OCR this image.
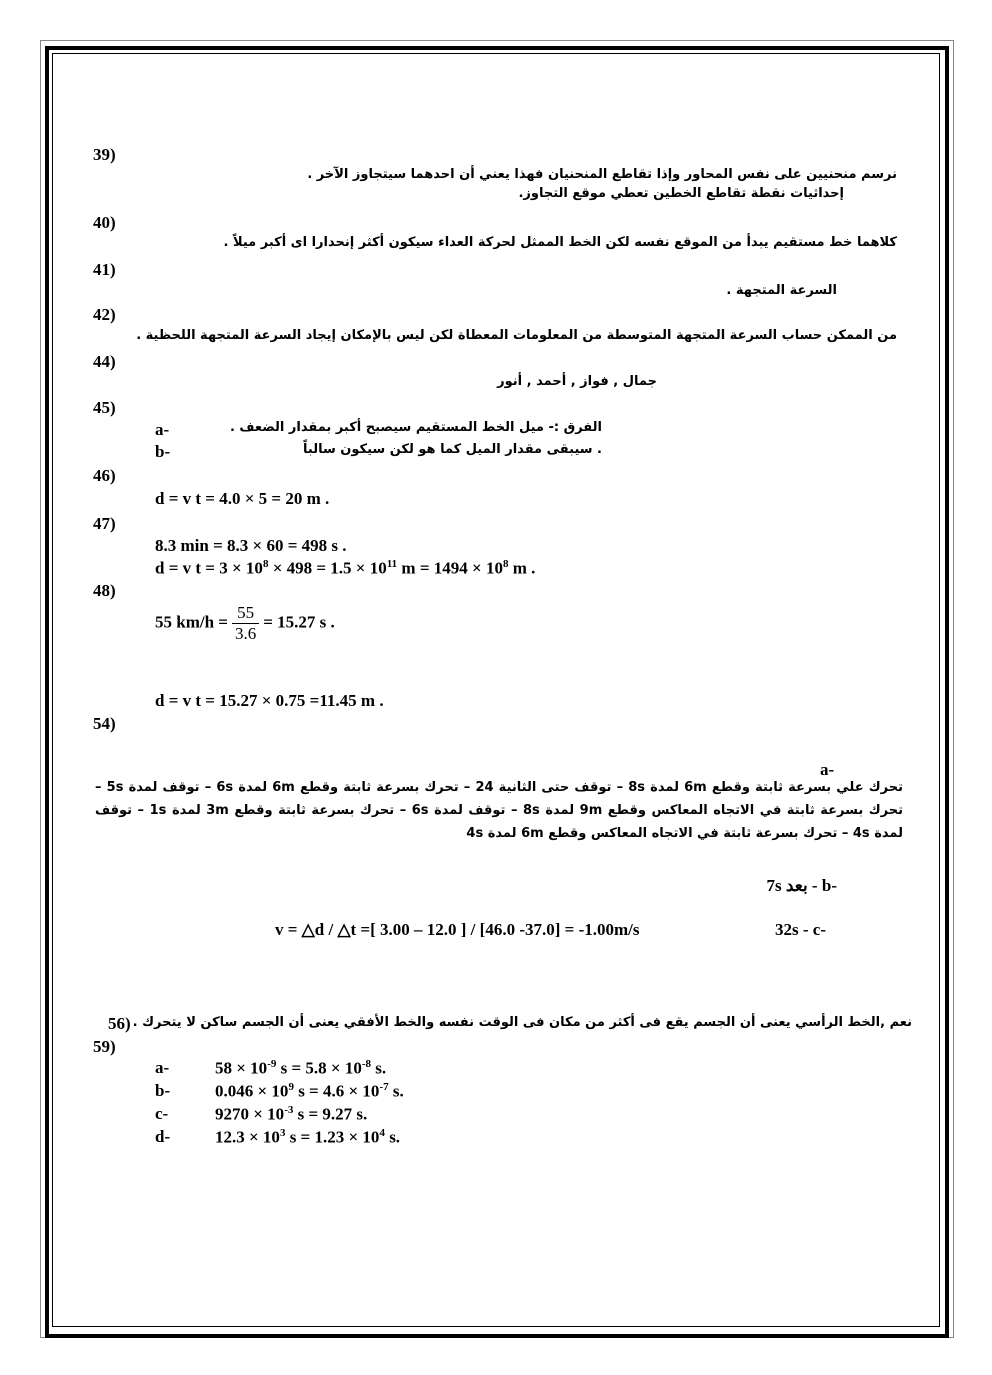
39)
نرسم منحنيين على نفس المحاور وإذا تقاطع المنحنيان فهذا يعني أن احدهما سيتجاوز الآخر .
إحداثيات نقطة تقاطع الخطين تعطي موقع التجاوز.
40)
كلاهما خط مستقيم يبدأ من الموقع نفسه لكن الخط الممثل لحركة العداء سيكون أكثر إنحدارا اى أكبر ميلاً .
41)
السرعة المتجهة .
42)
من الممكن حساب السرعة المتجهة المتوسطة من المعلومات المعطاة لكن ليس بالإمكان إيجاد السرعة المتجهة اللحظية .
44)
جمال , فواز , أحمد , أنور
45)
a-	الفرق :- ميل الخط المستقيم سيصبح أكبر بمقدار الضعف .
b-	. سيبقى مقدار الميل كما هو لكن سيكون سالباً
46)
d = v t = 4.0 × 5 = 20 m .
47)
8.3 min = 8.3 × 60 = 498 s .
d = v $t = 3 \times 10^8 \times 498 = 1.5 \times 10^{11}$ $m = 1494 \times 10^8$ m .
48)
55 $km/h = \frac{55}{3.6} = 15.27$ s .
d = v t = 15.27 × 0.75 =11.45 m .
54)
a-
تحرك علي بسرعة ثابتة وقطع 6m لمدة 8s – توقف حتى الثانية 24 – تحرك بسرعة ثابتة وقطع 6m لمدة 6s – توقف لمدة 5s – تحرك بسرعة ثابتة في الاتجاه المعاكس وقطع 9m لمدة 8s – توقف لمدة 6s – تحرك بسرعة ثابتة وقطع 3m لمدة 1s – توقف لمدة 4s – تحرك بسرعة ثابتة في الاتجاه المعاكس وقطع 6m لمدة 4s
-b - بعد 7s
v = △d / △t =[ 3.00 – 12.0 ] / [46.0 -37.0] = -1.00m/s	32s - c-
56) نعم ,الخط الرأسي يعنى أن الجسم يقع فى أكثر من مكان فى الوقت نفسه والخط الأفقي يعنى أن الجسم ساكن لا يتحرك .
59)
a-	$58 \times 10^{-9}$ $s = 5.8 \times 10^{-8}$ s.
b-	$0.046 \times 10^9$ $s = 4.6 \times 10^{-7}$ s.
c-	$9270 \times 10^{-3}$ s = 9.27 s.
d-	$12.3 \times 10^3$ $s = 1.23 \times 10^4$ s.
